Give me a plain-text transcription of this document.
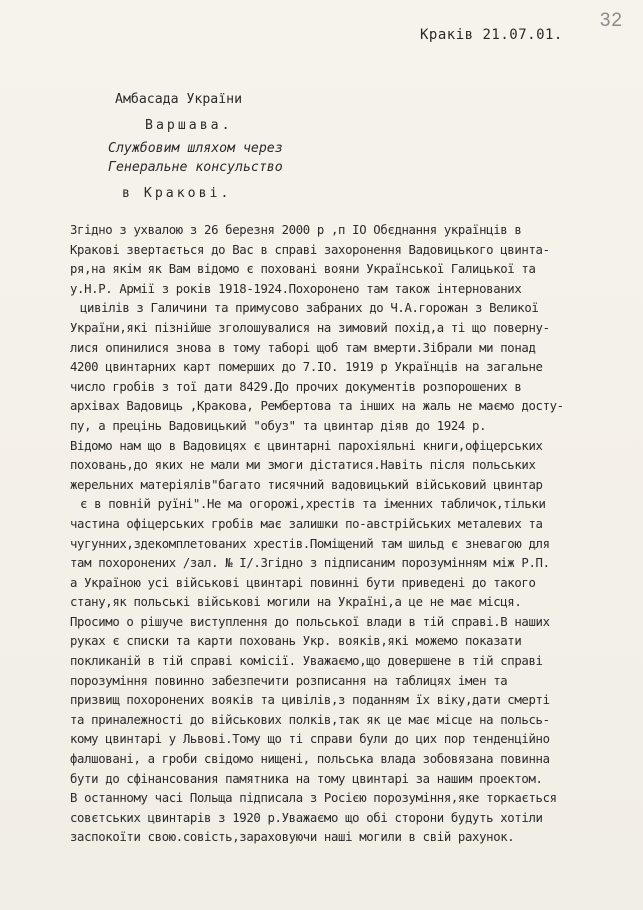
32
Краків 21.07.01.
Амбасада України
Варшава.
Службовим шляхом через
Генеральне консульство
в Кракові.
Згідно з ухвалою з 26 березня 2000 р ,п IO Обєднання українців в
Кракові звертається до Вас в справі захоронення Вадовицького цвинта-
ря,на якім як Вам відомо є поховані вояни Української Галицької та
у.Н.Р. Армії з років 1918-1924.Похоронено там також інтернованих
цивілів з Галичини та примусово забраних до Ч.А.горожан з Великої
України,які пізнійше зголошувалися на зимовий похід,а ті що поверну-
лися опинилися знова в тому таборі щоб там вмерти.Зібрали ми понад
4200 цвинтарних карт померших до 7.IO. 1919 р Українців на загальне
число гробів з тої дати 8429.До прочих документів розпорошених в
архівах Вадовиць ,Кракова, Рембертова та інших на жаль не маємо досту-
пу, а прецінь Вадовицький "обуз" та цвинтар діяв до 1924 р.
Відомо нам що в Вадовицях є цвинтарні парохіяльні книги,офіцерських
поховань,до яких не мали ми змоги дістатися.Навіть після польських
жерельних матеріялів"багато тисячний вадовицький військовий цвинтар
є в повній руїні".Не ма огорожі,хрестів та іменних табличок,тільки
частина офіцерських гробів має залишки по-австрійських металевих та
чугунних,здекомплетованих хрестів.Поміщений там шильд є зневагою для
там похоронених /зал. № I/.Згідно з підписаним порозумінням між Р.П.
а Україною усі військові цвинтарі повинні бути приведені до такого
стану,як польські військові могили на Україні,а це не має місця.
Просимо о рішуче виступлення до польської влади в тій справі.В наших
руках є списки та карти поховань Укр. вояків,які можемо показати
покликаній в тій справі комісії. Уважаємо,що довершене в тій справі
порозуміння повинно забезпечити розписання на таблицях імен та
призвищ похоронених вояків та цивілів,з поданням їх віку,дати смерті
та приналежності до військових полків,так як це має місце на польсь-
кому цвинтарі у Львові.Тому що ті справи були до цих пор тенденційно
фалшовані, а гроби свідомо нищені, польська влада зобовязана повинна
бути до сфінансования памятника на тому цвинтарі за нашим проектом.
В останному часі Польща підписала з Росією порозуміння,яке торкається
совєтських цвинтарів з 1920 р.Уважаємо що обі сторони будуть хотіли
заспокоїти свою.совість,зараховуючи наші могили в свій рахунок.
